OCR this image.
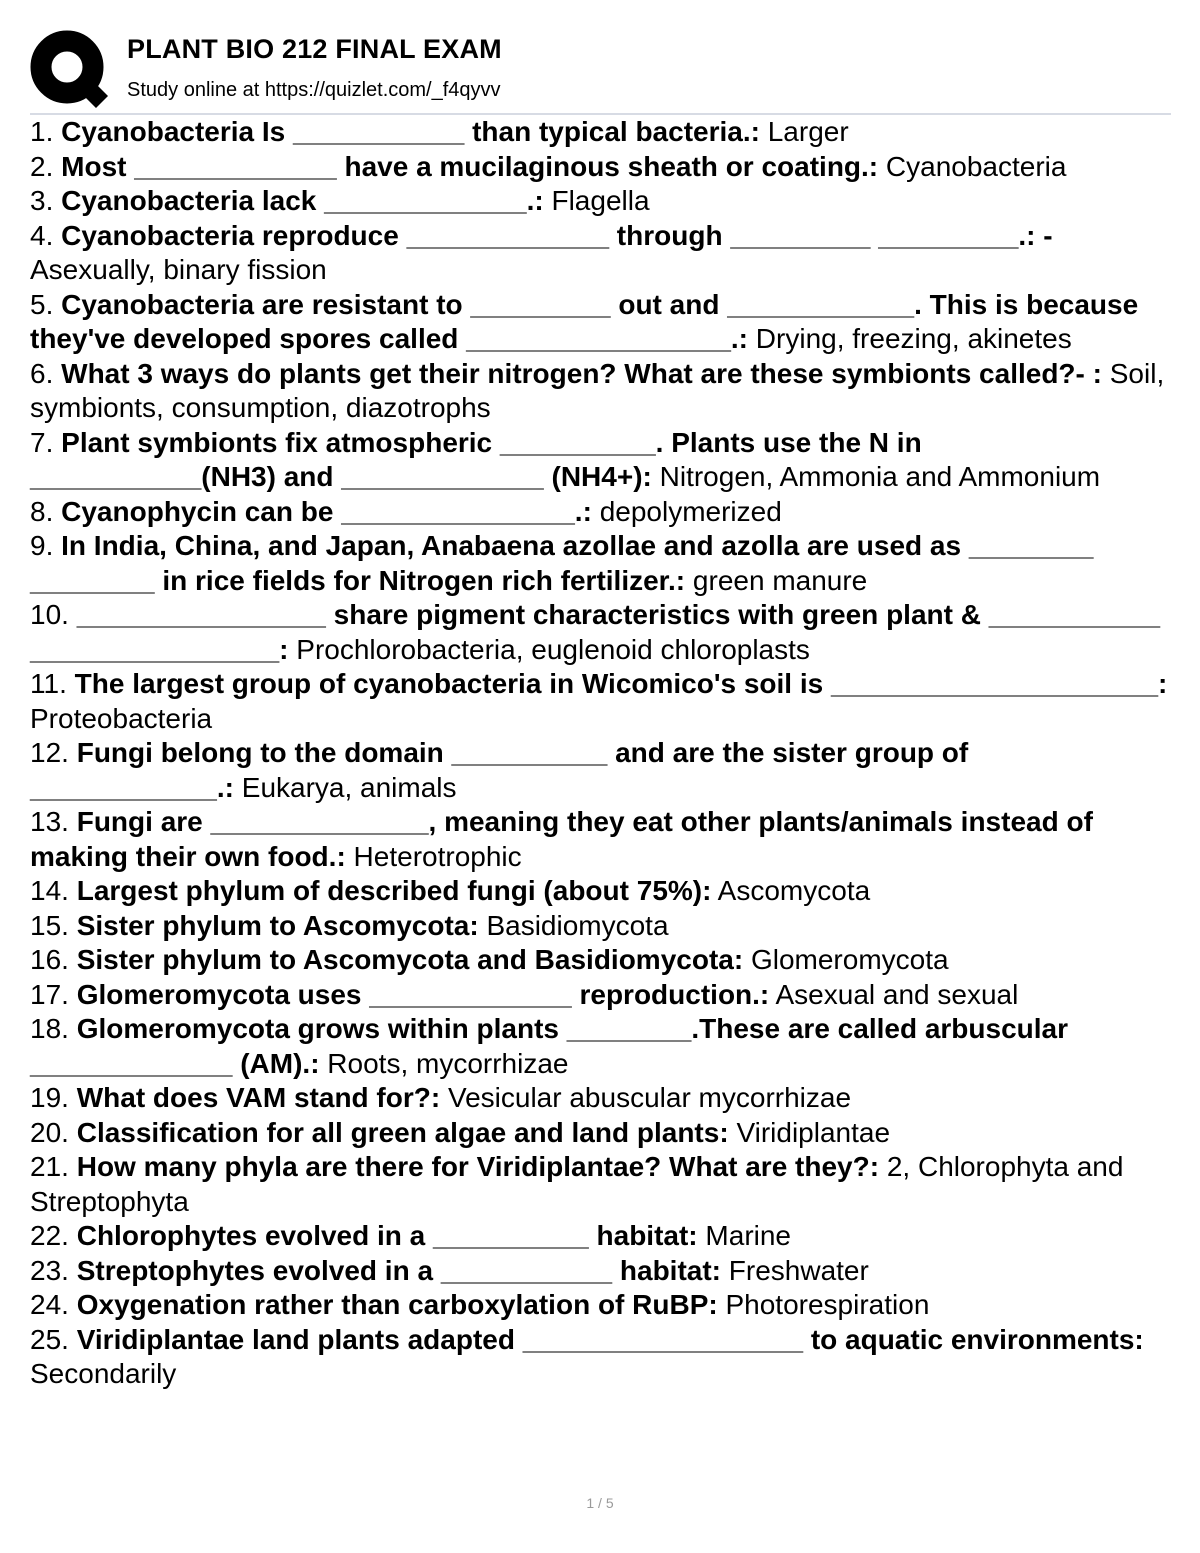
PLANT BIO 212 FINAL EXAM
Study online at https://quizlet.com/_f4qyvv

1. Cyanobacteria Is ___________ than typical bacteria.: Larger

2. Most _____________ have a mucilaginous sheath or coating.: Cyanobacteria

3. Cyanobacteria lack _____________.: Flagella

4. Cyanobacteria reproduce _____________ through _________ _________.: - Asexually, binary fission

5. Cyanobacteria are resistant to _________ out and ____________. This is because they've developed spores called _________________.: Drying, freezing, akinetes

6. What 3 ways do plants get their nitrogen? What are these symbionts called?- : Soil, symbionts, consumption, diazotrophs

7. Plant symbionts fix atmospheric __________. Plants use the N in ___________(NH3) and _____________ (NH4+): Nitrogen, Ammonia and Ammonium

8. Cyanophycin can be _______________.: depolymerized

9. In India, China, and Japan, Anabaena azollae and azolla are used as ________ ________ in rice fields for Nitrogen rich fertilizer.: green manure

10. ________________ share pigment characteristics with green plant & ___________ ________________: Prochlorobacteria, euglenoid chloroplasts

11. The largest group of cyanobacteria in Wicomico's soil is _____________________: Proteobacteria

12. Fungi belong to the domain __________ and are the sister group of ____________.: Eukarya, animals

13. Fungi are ______________, meaning they eat other plants/animals instead of making their own food.: Heterotrophic

14. Largest phylum of described fungi (about 75%): Ascomycota

15. Sister phylum to Ascomycota: Basidiomycota

16. Sister phylum to Ascomycota and Basidiomycota: Glomeromycota

17. Glomeromycota uses _____________ reproduction.: Asexual and sexual

18. Glomeromycota grows within plants ________.These are called arbuscular _____________ (AM).: Roots, mycorrhizae

19. What does VAM stand for?: Vesicular abuscular mycorrhizae

20. Classification for all green algae and land plants: Viridiplantae

21. How many phyla are there for Viridiplantae? What are they?: 2, Chlorophyta and Streptophyta

22. Chlorophytes evolved in a __________ habitat: Marine

23. Streptophytes evolved in a ___________ habitat: Freshwater

24. Oxygenation rather than carboxylation of RuBP: Photorespiration

25. Viridiplantae land plants adapted __________________ to aquatic environments: Secondarily

1 / 5
